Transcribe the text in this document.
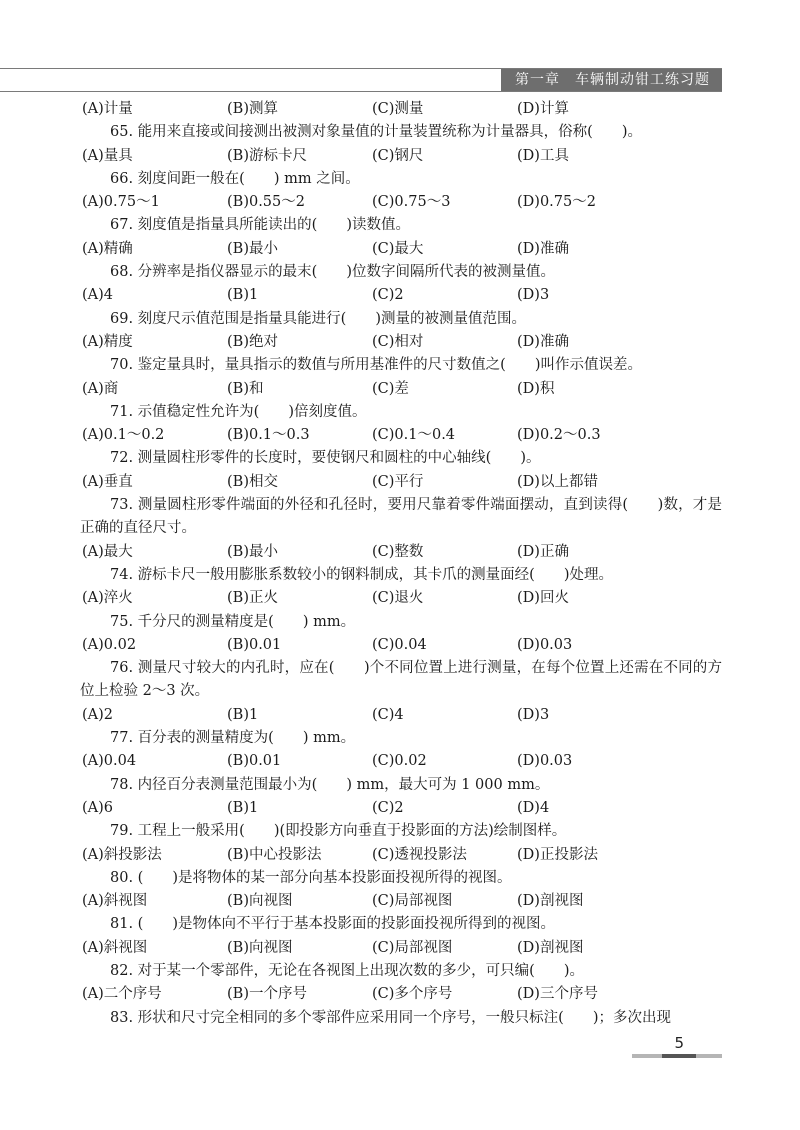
第一章　车辆制动钳工练习题
(A)计量	(B)测算	(C)测量	(D)计算
65. 能用来直接或间接测出被测对象量值的计量装置统称为计量器具，俗称(　　)。
(A)量具	(B)游标卡尺	(C)钢尺	(D)工具
66. 刻度间距一般在(　　) mm 之间。
(A)0.75～1	(B)0.55～2	(C)0.75～3	(D)0.75～2
67. 刻度值是指量具所能读出的(　　)读数值。
(A)精确	(B)最小	(C)最大	(D)准确
68. 分辨率是指仪器显示的最末(　　)位数字间隔所代表的被测量值。
(A)4	(B)1	(C)2	(D)3
69. 刻度尺示值范围是指量具能进行(　　)测量的被测量值范围。
(A)精度	(B)绝对	(C)相对	(D)准确
70. 鉴定量具时，量具指示的数值与所用基准件的尺寸数值之(　　)叫作示值误差。
(A)商	(B)和	(C)差	(D)积
71. 示值稳定性允许为(　　)倍刻度值。
(A)0.1～0.2	(B)0.1～0.3	(C)0.1～0.4	(D)0.2～0.3
72. 测量圆柱形零件的长度时，要使钢尺和圆柱的中心轴线(　　)。
(A)垂直	(B)相交	(C)平行	(D)以上都错
73. 测量圆柱形零件端面的外径和孔径时，要用尺靠着零件端面摆动，直到读得(　　)数，才是正确的直径尺寸。
(A)最大	(B)最小	(C)整数	(D)正确
74. 游标卡尺一般用膨胀系数较小的钢料制成，其卡爪的测量面经(　　)处理。
(A)淬火	(B)正火	(C)退火	(D)回火
75. 千分尺的测量精度是(　　) mm。
(A)0.02	(B)0.01	(C)0.04	(D)0.03
76. 测量尺寸较大的内孔时，应在(　　)个不同位置上进行测量，在每个位置上还需在不同的方位上检验 2～3 次。
(A)2	(B)1	(C)4	(D)3
77. 百分表的测量精度为(　　) mm。
(A)0.04	(B)0.01	(C)0.02	(D)0.03
78. 内径百分表测量范围最小为(　　) mm，最大可为 1 000 mm。
(A)6	(B)1	(C)2	(D)4
79. 工程上一般采用(　　)(即投影方向垂直于投影面的方法)绘制图样。
(A)斜投影法	(B)中心投影法	(C)透视投影法	(D)正投影法
80. (　　)是将物体的某一部分向基本投影面投视所得的视图。
(A)斜视图	(B)向视图	(C)局部视图	(D)剖视图
81. (　　)是物体向不平行于基本投影面的投影面投视所得到的视图。
(A)斜视图	(B)向视图	(C)局部视图	(D)剖视图
82. 对于某一个零部件，无论在各视图上出现次数的多少，可只编(　　)。
(A)二个序号	(B)一个序号	(C)多个序号	(D)三个序号
83. 形状和尺寸完全相同的多个零部件应采用同一个序号，一般只标注(　　)；多次出现
5
